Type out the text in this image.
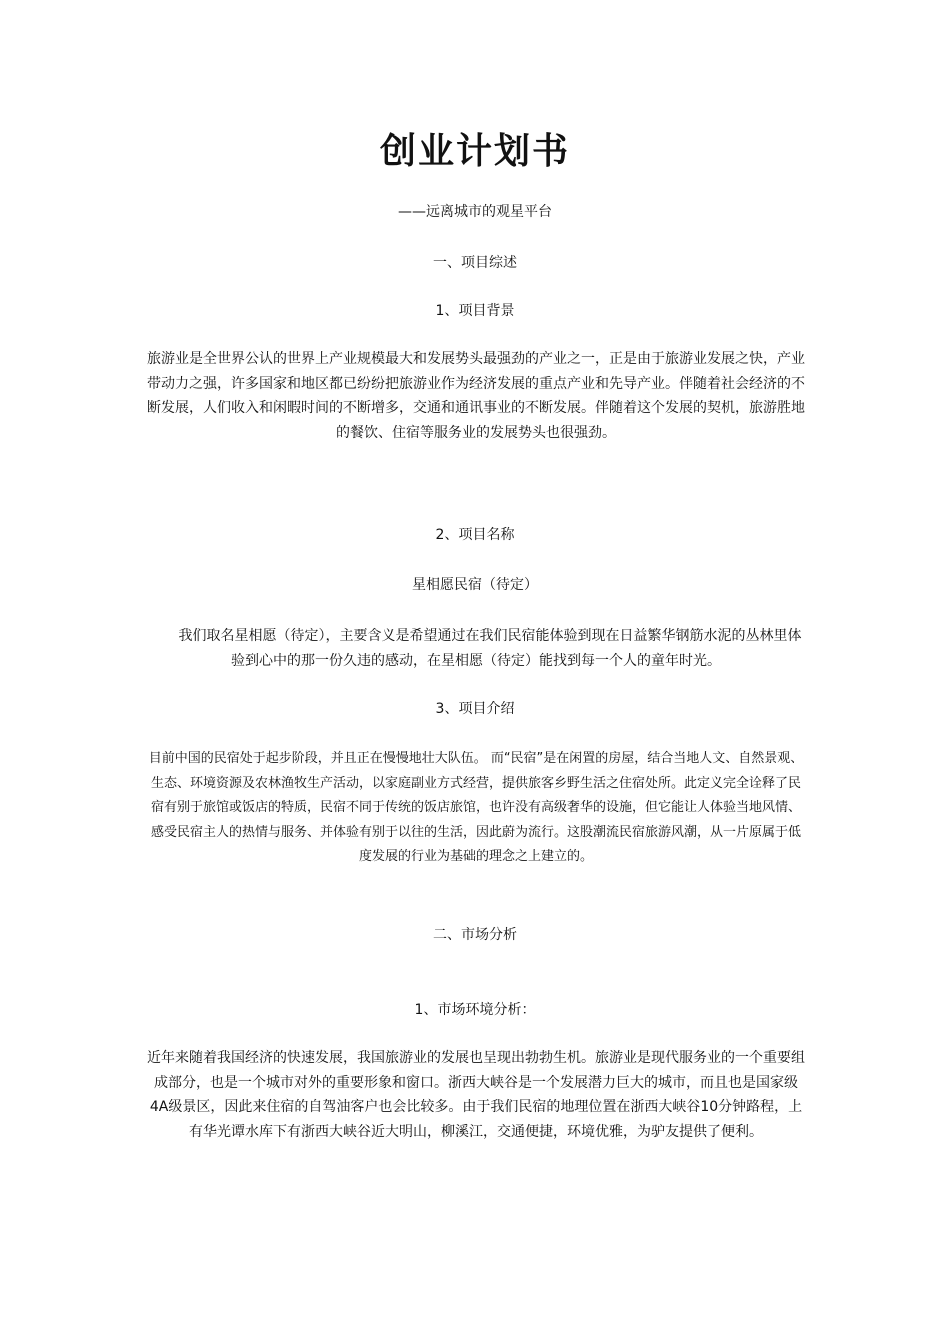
创业计划书
——远离城市的观星平台
一、项目综述
1、项目背景
旅游业是全世界公认的世界上产业规模最大和发展势头最强劲的产业之一，正是由于旅游业发展之快，产业带动力之强，许多国家和地区都已纷纷把旅游业作为经济发展的重点产业和先导产业。伴随着社会经济的不断发展，人们收入和闲暇时间的不断增多，交通和通讯事业的不断发展。伴随着这个发展的契机，旅游胜地的餐饮、住宿等服务业的发展势头也很强劲。
2、项目名称
星相愿民宿（待定）
我们取名星相愿（待定），主要含义是希望通过在我们民宿能体验到现在日益繁华钢筋水泥的丛林里体验到心中的那一份久违的感动，在星相愿（待定）能找到每一个人的童年时光。
3、项目介绍
目前中国的民宿处于起步阶段，并且正在慢慢地壮大队伍。 而“民宿”是在闲置的房屋，结合当地人文、自然景观、生态、环境资源及农林渔牧生产活动，以家庭副业方式经营，提供旅客乡野生活之住宿处所。此定义完全诠释了民宿有别于旅馆或饭店的特质，民宿不同于传统的饭店旅馆，也许没有高级奢华的设施，但它能让人体验当地风情、感受民宿主人的热情与服务、并体验有别于以往的生活，因此蔚为流行。这股潮流民宿旅游风潮，从一片原属于低度发展的行业为基础的理念之上建立的。
二、市场分析
1、市场环境分析：
近年来随着我国经济的快速发展，我国旅游业的发展也呈现出勃勃生机。旅游业是现代服务业的一个重要组成部分，也是一个城市对外的重要形象和窗口。浙西大峡谷是一个发展潜力巨大的城市，而且也是国家级4A级景区，因此来住宿的自驾油客户也会比较多。由于我们民宿的地理位置在浙西大峡谷10分钟路程，上有华光谭水库下有浙西大峡谷近大明山，柳溪江，交通便捷，环境优雅，为驴友提供了便利。
